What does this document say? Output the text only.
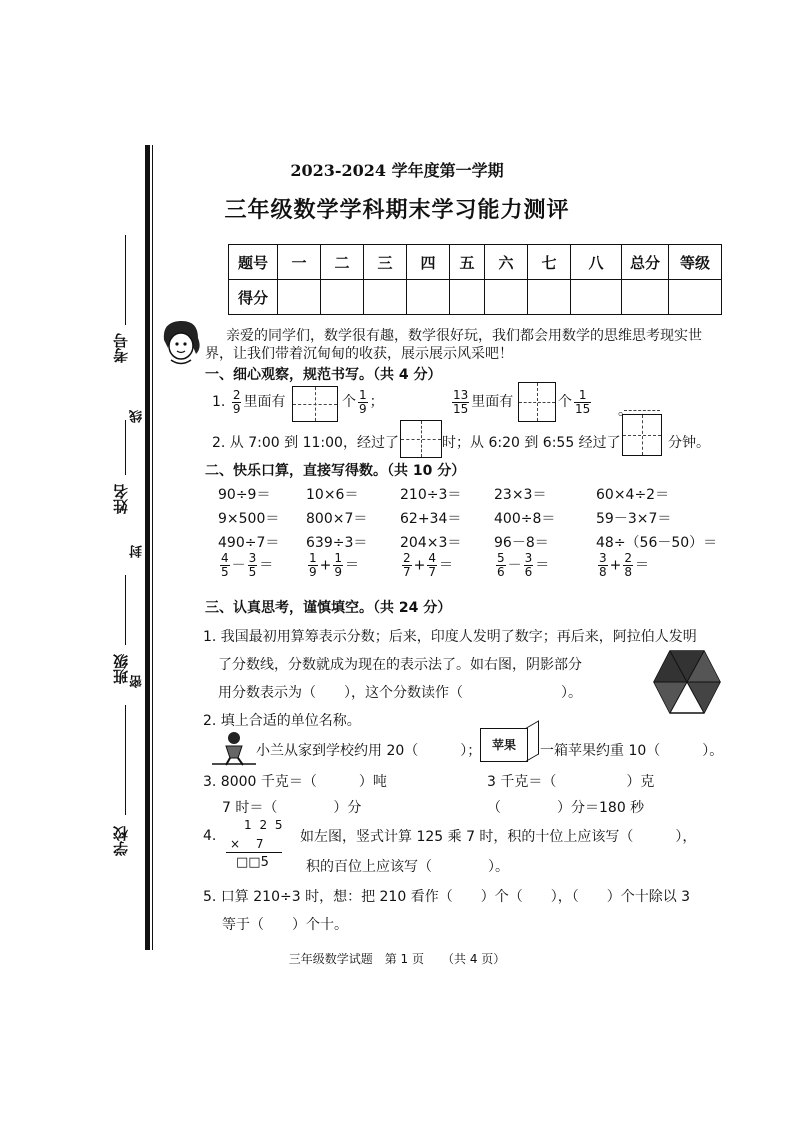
考号
线
姓名
封
班级 密
学校
2023-2024 学年度第一学期
三年级数学学科期末学习能力测评
题号	一	二	三	四	五	六	七	八	总分	等级
得分										
亲爱的同学们，数学很有趣，数学很好玩，我们都会用数学的思维思考现实世
界，让我们带着沉甸甸的收获，展示展示风采吧！
一、细心观察，规范书写。（共 4 分）
1. $\frac{2}{9}$ 里面有	个 $\frac{1}{9}$ ；	$\frac{13}{15}$ 里面有	个 $\frac{1}{15}$ 。
2. 从 7:00 到 11:00，经过了	时；从 6:20 到 6:55 经过了	分钟。
二、快乐口算，直接写得数。（共 10 分）
90÷9＝	10×6＝	210÷3＝ 23×3＝	60×4÷2＝
9×500＝ 800×7＝ 62+34＝ 400÷8＝	59－3×7＝
490÷7＝ 639÷3＝ 204×3＝ 96－8＝	48÷（56－50）＝
$\frac{4}{5} - \frac{3}{5}$ ＝	$\frac{1}{9} + \frac{1}{9}$ ＝	$\frac{2}{7} + \frac{4}{7}$ ＝	$\frac{5}{6} - \frac{3}{6}$ ＝	$\frac{3}{8} + \frac{2}{8}$ ＝
三、认真思考，谨慎填空。（共 24 分）
1. 我国最初用算筹表示分数；后来，印度人发明了数字；再后来，阿拉伯人发明
了分数线，分数就成为现在的表示法了。如右图，阴影部分
用分数表示为（　　），这个分数读作（　　　　　　　）。
2. 填上合适的单位名称。
小兰从家到学校约用 20（　　　）； 苹果	一箱苹果约重 10（　　　）。
3. 8000 千克＝（　　　）吨	3 千克＝（　　　　　）克
7 时＝（　　　　）分	（　　　　）分＝180 秒
4.
1 2 5
×　 7
□□5
如左图，竖式计算 125 乘 7 时，积的十位上应该写（　　　），
积的百位上应该写（　　　　）。
5. 口算 210÷3 时，想：把 210 看作（　　）个（　　），（　　）个十除以 3
等于（　　）个十。
三年级数学试题　第 1 页　　（共 4 页）
